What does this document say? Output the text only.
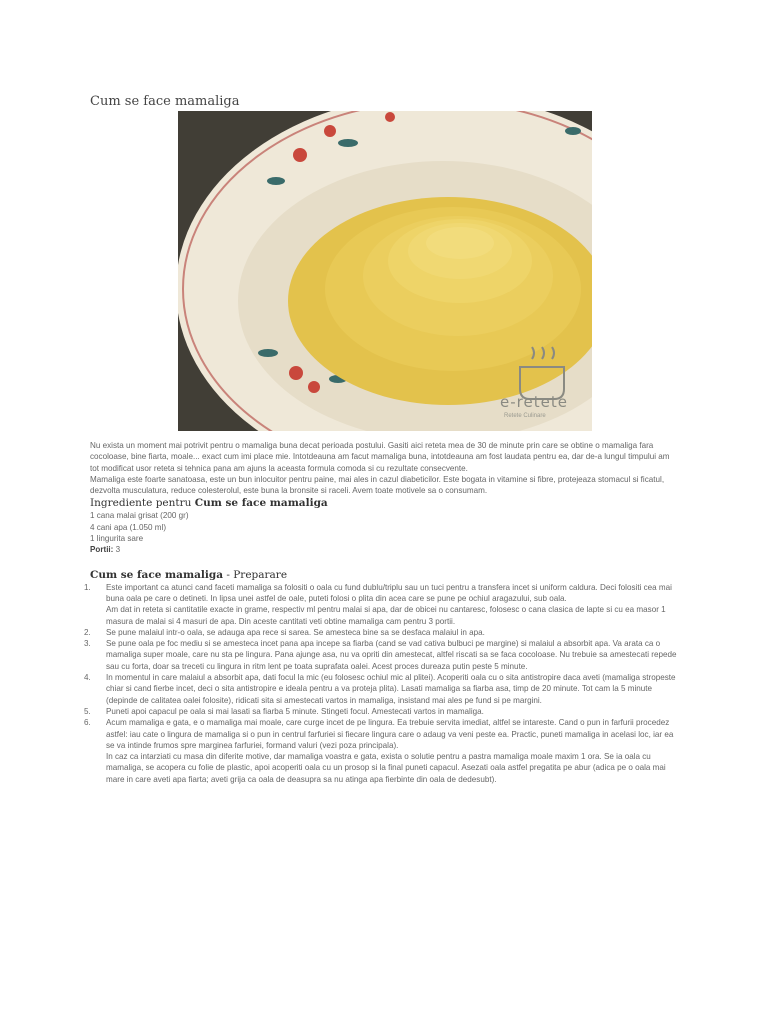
Cum se face mamaliga
e-retete
Retete Culinare

Nu exista un moment mai potrivit pentru o mamaliga buna decat perioada postului. Gasiti aici reteta mea de 30 de minute prin care se obtine o mamaliga fara cocoloase, bine fiarta, moale... exact cum imi place mie. Intotdeauna am facut mamaliga buna, intotdeauna am fost laudata pentru ea, dar de-a lungul timpului am tot modificat usor reteta si tehnica pana am ajuns la aceasta formula comoda si cu rezultate consecvente.

Mamaliga este foarte sanatoasa, este un bun inlocuitor pentru paine, mai ales in cazul diabeticilor. Este bogata in vitamine si fibre, protejeaza stomacul si ficatul, dezvolta musculatura, reduce colesterolul, este buna la bronsite si raceli. Avem toate motivele sa o consumam.

Ingrediente pentru Cum se face mamaliga
1 cana malai grisat (200 gr)
4 cani apa (1.050 ml)
1 lingurita sare
Portii: 3
Cum se face mamaliga - Preparare
1. Este important ca atunci cand faceti mamaliga sa folositi o oala cu fund dublu/triplu sau un tuci pentru a transfera incet si uniform caldura. Deci folositi cea mai buna oala pe care o detineti. In lipsa unei astfel de oale, puteti folosi o plita din acea care se pune pe ochiul aragazului, sub oala.
Am dat in reteta si cantitatile exacte in grame, respectiv ml pentru malai si apa, dar de obicei nu cantaresc, folosesc o cana clasica de lapte si cu ea masor 1 masura de malai si 4 masuri de apa. Din aceste cantitati veti obtine mamaliga cam pentru 3 portii.
2. Se pune malaiul intr-o oala, se adauga apa rece si sarea. Se amesteca bine sa se desfaca malaiul in apa.
3. Se pune oala pe foc mediu si se amesteca incet pana apa incepe sa fiarba (cand se vad cativa bulbuci pe margine) si malaiul a absorbit apa. Va arata ca o mamaliga super moale, care nu sta pe lingura. Pana ajunge asa, nu va opriti din amestecat, altfel riscati sa se faca cocoloase. Nu trebuie sa amestecati repede sau cu forta, doar sa treceti cu lingura in ritm lent pe toata suprafata oalei. Acest proces dureaza putin peste 5 minute.
4. In momentul in care malaiul a absorbit apa, dati focul la mic (eu folosesc ochiul mic al plitei). Acoperiti oala cu o sita antistropire daca aveti (mamaliga stropeste chiar si cand fierbe incet, deci o sita antistropire e ideala pentru a va proteja plita). Lasati mamaliga sa fiarba asa, timp de 20 minute. Tot cam la 5 minute (depinde de calitatea oalei folosite), ridicati sita si amestecati vartos in mamaliga, insistand mai ales pe fund si pe margini.
5. Puneti apoi capacul pe oala si mai lasati sa fiarba 5 minute. Stingeti focul. Amestecati vartos in mamaliga.
6. Acum mamaliga e gata, e o mamaliga mai moale, care curge incet de pe lingura. Ea trebuie servita imediat, altfel se intareste. Cand o pun in farfurii procedez astfel: iau cate o lingura de mamaliga si o pun in centrul farfuriei si fiecare lingura care o adaug va veni peste ea. Practic, puneti mamaliga in acelasi loc, iar ea se va intinde frumos spre marginea farfuriei, formand valuri (vezi poza principala).
In caz ca intarziati cu masa din diferite motive, dar mamaliga voastra e gata, exista o solutie pentru a pastra mamaliga moale maxim 1 ora. Se ia oala cu mamaliga, se acopera cu folie de plastic, apoi acoperiti oala cu un prosop si la final puneti capacul. Asezati oala astfel pregatita pe abur (adica pe o oala mai mare in care aveti apa fiarta; aveti grija ca oala de deasupra sa nu atinga apa fierbinte din oala de dedesubt).
